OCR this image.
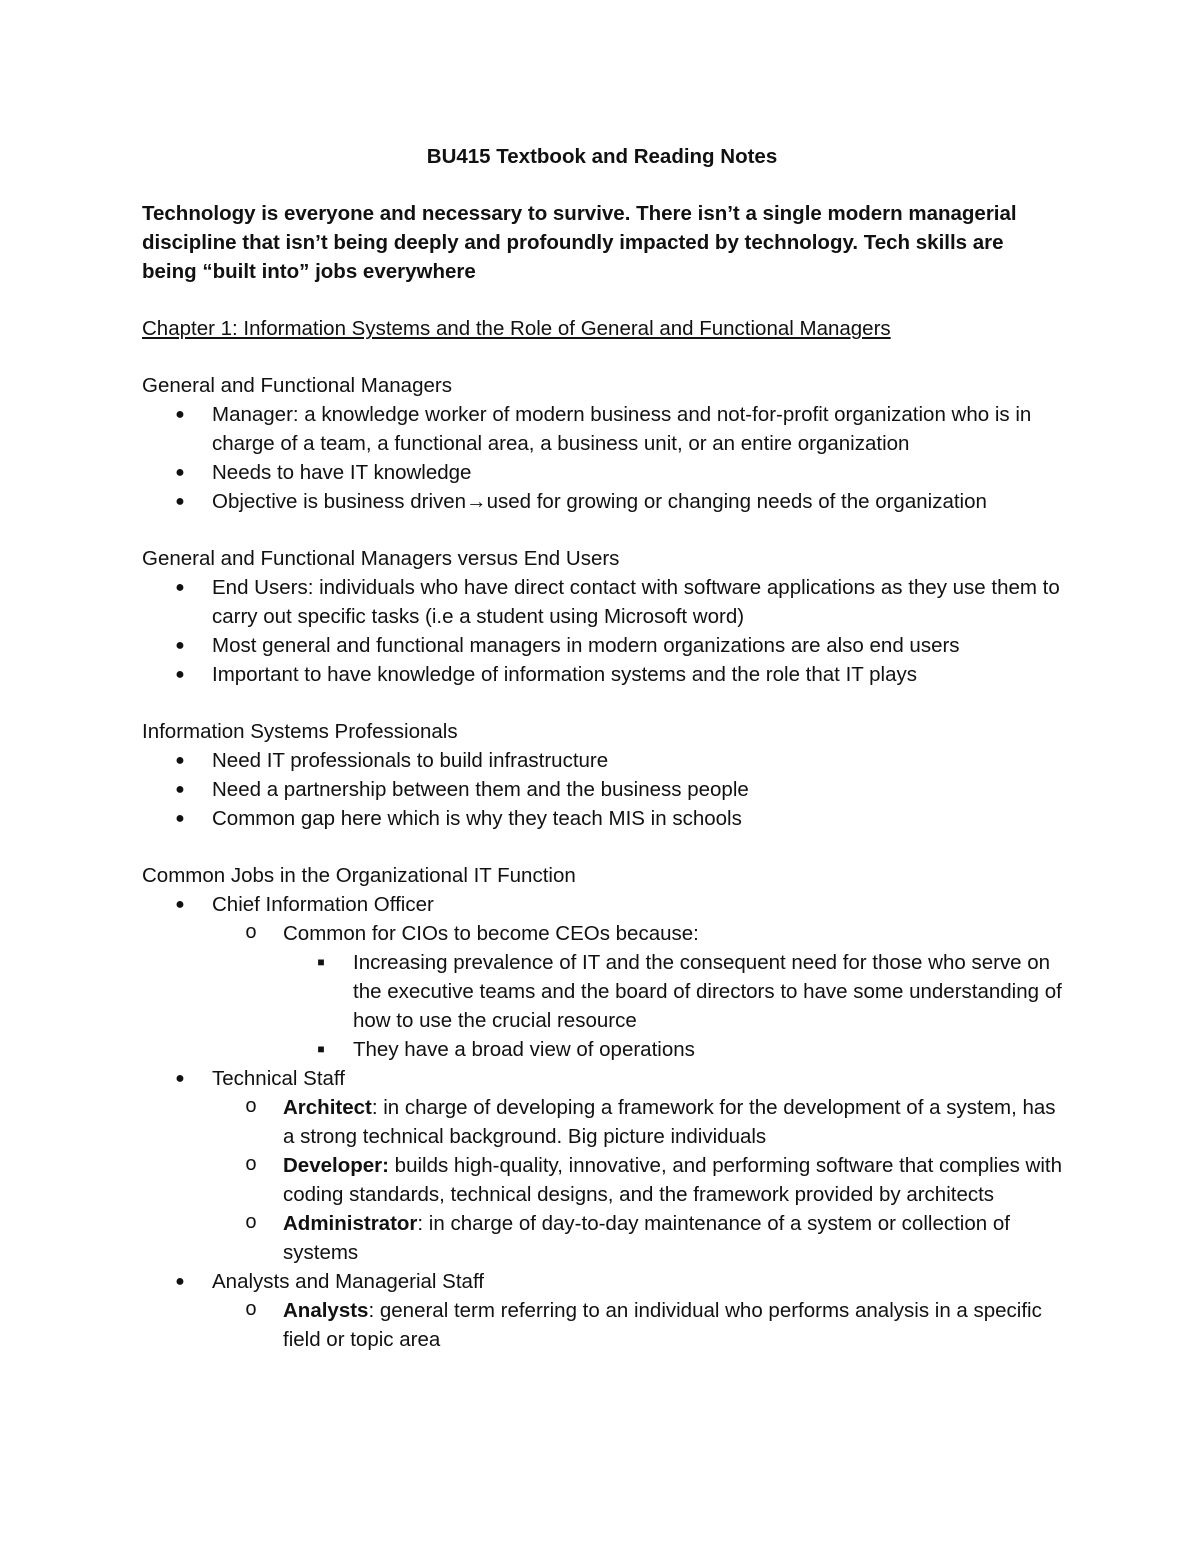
BU415 Textbook and Reading Notes

Technology is everyone and necessary to survive. There isn’t a single modern managerial discipline that isn’t being deeply and profoundly impacted by technology. Tech skills are being “built into” jobs everywhere

Chapter 1: Information Systems and the Role of General and Functional Managers

General and Functional Managers

●	Manager: a knowledge worker of modern business and not-for-profit organization who is in charge of a team, a functional area, a business unit, or an entire organization
●	Needs to have IT knowledge
●	Objective is business driven→used for growing or changing needs of the organization

General and Functional Managers versus End Users

●	End Users: individuals who have direct contact with software applications as they use them to carry out specific tasks (i.e a student using Microsoft word)
●	Most general and functional managers in modern organizations are also end users
●	Important to have knowledge of information systems and the role that IT plays

Information Systems Professionals

●	Need IT professionals to build infrastructure
●	Need a partnership between them and the business people
●	Common gap here which is why they teach MIS in schools

Common Jobs in the Organizational IT Function

●	Chief Information Officer
o Common for CIOs to become CEOs because:
■	Increasing prevalence of IT and the consequent need for those who serve on the executive teams and the board of directors to have some understanding of how to use the crucial resource
■	They have a broad view of operations
●	Technical Staff
o Architect: in charge of developing a framework for the development of a system, has a strong technical background. Big picture individuals
o Developer: builds high-quality, innovative, and performing software that complies with coding standards, technical designs, and the framework provided by architects
o Administrator: in charge of day-to-day maintenance of a system or collection of systems
●	Analysts and Managerial Staff
o Analysts: general term referring to an individual who performs analysis in a specific field or topic area
